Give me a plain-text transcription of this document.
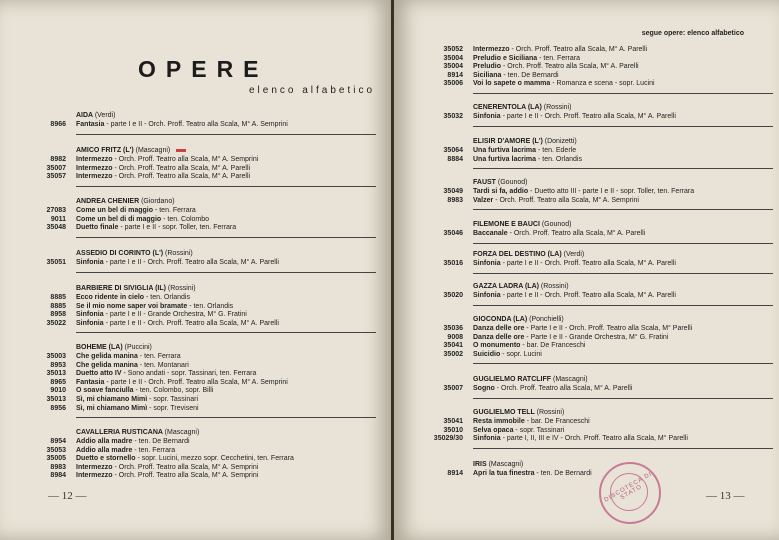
OPERE
elenco alfabetico
AIDA (Verdi)
8966 Fantasia - parte I e II - Orch. Proff. Teatro alla Scala, M° A. Semprini
AMICO FRITZ (L') (Mascagni)
8982 Intermezzo - Orch. Proff. Teatro alla Scala, M° A. Semprini
35007 Intermezzo - Orch. Proff. Teatro alla Scala, M° A. Parelli
35057 Intermezzo - Orch. Proff. Teatro alla Scala, M° A. Parelli
ANDREA CHENIER (Giordano)
27083 Come un bel di maggio - ten. Ferrara
9011 Come un bel di di maggio - ten. Colombo
35048 Duetto finale - parte I e II - sopr. Toller, ten. Ferrara
ASSEDIO DI CORINTO (L') (Rossini)
35051 Sinfonia - parte I e II - Orch. Proff. Teatro alla Scala, M° A. Parelli
BARBIERE DI SIVIGLIA (IL) (Rossini)
8885 Ecco ridente in cielo - ten. Orlandis
8885 Se il mio nome saper voi bramate - ten. Orlandis
8958 Sinfonia - parte I e II - Grande Orchestra, M° G. Fratini
35022 Sinfonia - parte I e II - Orch. Proff. Teatro alla Scala, M° A. Parelli
BOHEME (LA) (Puccini)
35003 Che gelida manina - ten. Ferrara
8953 Che gelida manina - ten. Montanari
35013 Duetto atto IV - Sono andati - sopr. Tassinari, ten. Ferrara
8965 Fantasia - parte I e II - Orch. Proff. Teatro alla Scala, M° A. Semprini
9010 O soave fanciulla - ten. Colombo, sopr. Billi
35013 Sì, mi chiamano Mimì - sopr. Tassinari
8956 Sì, mi chiamano Mimì - sopr. Treviseni
CAVALLERIA RUSTICANA (Mascagni)
8954 Addio alla madre - ten. De Bernardi
35053 Addio alla madre - ten. Ferrara
35005 Duetto e stornello - sopr. Lucini, mezzo sopr. Cecchetini, ten. Ferrara
8983 Intermezzo - Orch. Proff. Teatro alla Scala, M° A. Semprini
8984 Intermezzo - Orch. Proff. Teatro alla Scala, M° A. Semprini
— 12 —
segue opere: elenco alfabetico
35052 Intermezzo - Orch. Proff. Teatro alla Scala, M° A. Parelli
35004 Preludio e Siciliana - ten. Ferrara
35004 Preludio - Orch. Proff. Teatro alla Scala, M° A. Parelli
8914 Siciliana - ten. De Bernardi
35006 Voi lo sapete o mamma - Romanza e scena - sopr. Lucini
CENERENTOLA (LA) (Rossini)
35032 Sinfonia - parte I e II - Orch. Proff. Teatro alla Scala, M° A. Parelli
ELISIR D'AMORE (L') (Donizetti)
35064 Una furtiva lacrima - ten. Ederle
8884 Una furtiva lacrima - ten. Orlandis
FAUST (Gounod)
35049 Tardi si fa, addio - Duetto atto III - parte I e II - sopr. Toller, ten. Ferrara
8983 Valzer - Orch. Proff. Teatro alla Scala, M° A. Semprini
FILEMONE E BAUCI (Gounod)
35046 Baccanale - Orch. Proff. Teatro alla Scala, M° A. Parelli
FORZA DEL DESTINO (LA) (Verdi)
35016 Sinfonia - parte I e II - Orch. Proff. Teatro alla Scala, M° A. Parelli
GAZZA LADRA (LA) (Rossini)
35020 Sinfonia - parte I e II - Orch. Proff. Teatro alla Scala, M° A. Parelli
GIOCONDA (LA) (Ponchielli)
35036 Danza delle ore - Parte I e II - Orch. Proff. Teatro alla Scala, M° Parelli
9008 Danza delle ore - Parte I e II - Grande Orchestra, M° G. Fratini
35041 O monumento - bar. De Franceschi
35002 Suicidio - sopr. Lucini
GUGLIELMO RATCLIFF (Mascagni)
35007 Sogno - Orch. Proff. Teatro alla Scala, M° A. Parelli
GUGLIELMO TELL (Rossini)
35041 Resta immobile - bar. De Franceschi
35010 Selva opaca - sopr. Tassinari
35029/30 Sinfonia - parte I, II, III e IV - Orch. Proff. Teatro alla Scala, M° Parelli
IRIS (Mascagni)
8914 Apri la tua finestra - ten. De Bernardi DISCOTECA DI STATO	— 13 —
